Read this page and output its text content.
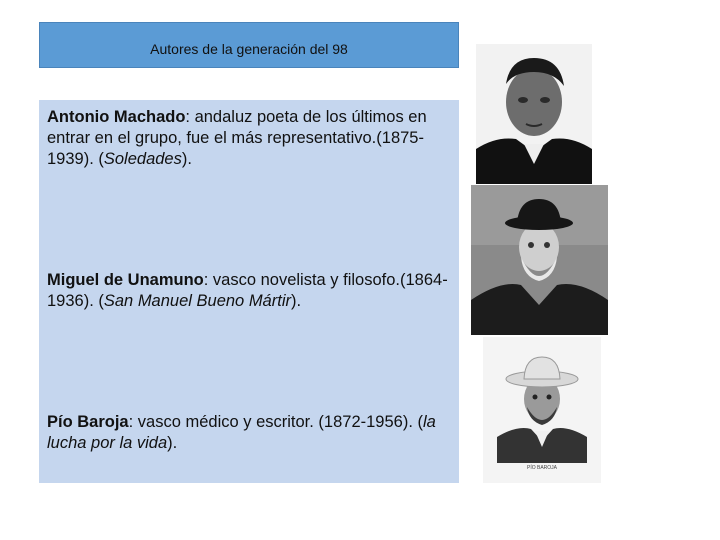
Autores de la generación del 98
Antonio Machado: andaluz poeta de los últimos en entrar en el grupo, fue el más representativo.(1875-1939). (Soledades).
Miguel de Unamuno: vasco novelista y filosofo.(1864-1936). (San Manuel Bueno Mártir).
Pío Baroja: vasco médico y escritor. (1872-1956). (la lucha por la vida).
PÍO BAROJA
